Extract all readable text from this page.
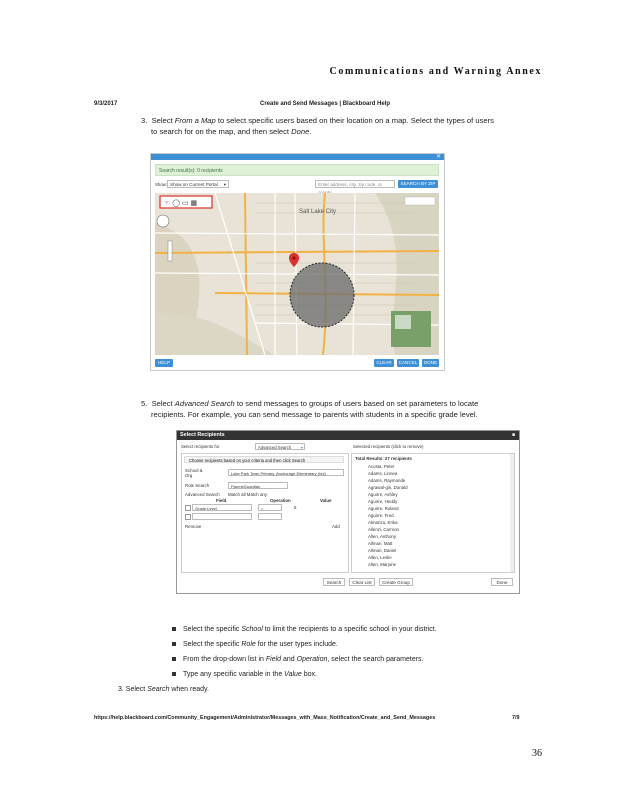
Communications and Warning Annex
9/3/2017	Create and Send Messages | Blackboard Help
3. Select From a Map to select specific users based on their location on a map. Select the types of users
to search for on the map, and then select Done.
✕
Search result(s): 0 recipients
Show: Show on Current Portal ▾	Enter address, city, zip code, or	SEARCH BY ZIP
☜ ◯ ▭ ▦
Salt Lake City
HELP	CLEAR	CANCEL	DONE
5. Select Advanced Search to send messages to groups of users based on set parameters to locate
recipients. For example, you can send message to parents with students in a specific grade level.
Select Recipients	■
Select recipients for	Advanced Search ▾	Selected recipients (click to remove)
Choose recipients based on your criteria and then click Search
School & Org	Lake Park Town Primary, Anchorage Elementary (hid)
Role Search	Parent/Guardian
Advanced Search Match all Match any
Field	Operation	Value
Grade Level	=	5
Remove	Add
Total Results: 27 recipients
Acosta, Peter
Adams, Linnea
Adams, Raymonde
Agrawal-gin, Donald
Aguirre, Ashley
Aguirre, Heddy
Aguirre, Roland
Aguirre, Fred
Almanza, Erika
Allenzi, Camron
Allen, Anthony
Allman, Matt
Allman, Daniel
Allen, Leslie
Allen, Marjorie
Search	Clear List	Create Group	Done
Select the specific School to limit the recipients to a specific school in your district.
Select the specific Role for the user types include.
From the drop-down list in Field and Operation, select the search parameters.
Type any specific variable in the Value box.
3. Select Search when ready.
https://help.blackboard.com/Community_Engagement/Administrator/Messages_with_Mass_Notification/Create_and_Send_Messages	7/9
36
